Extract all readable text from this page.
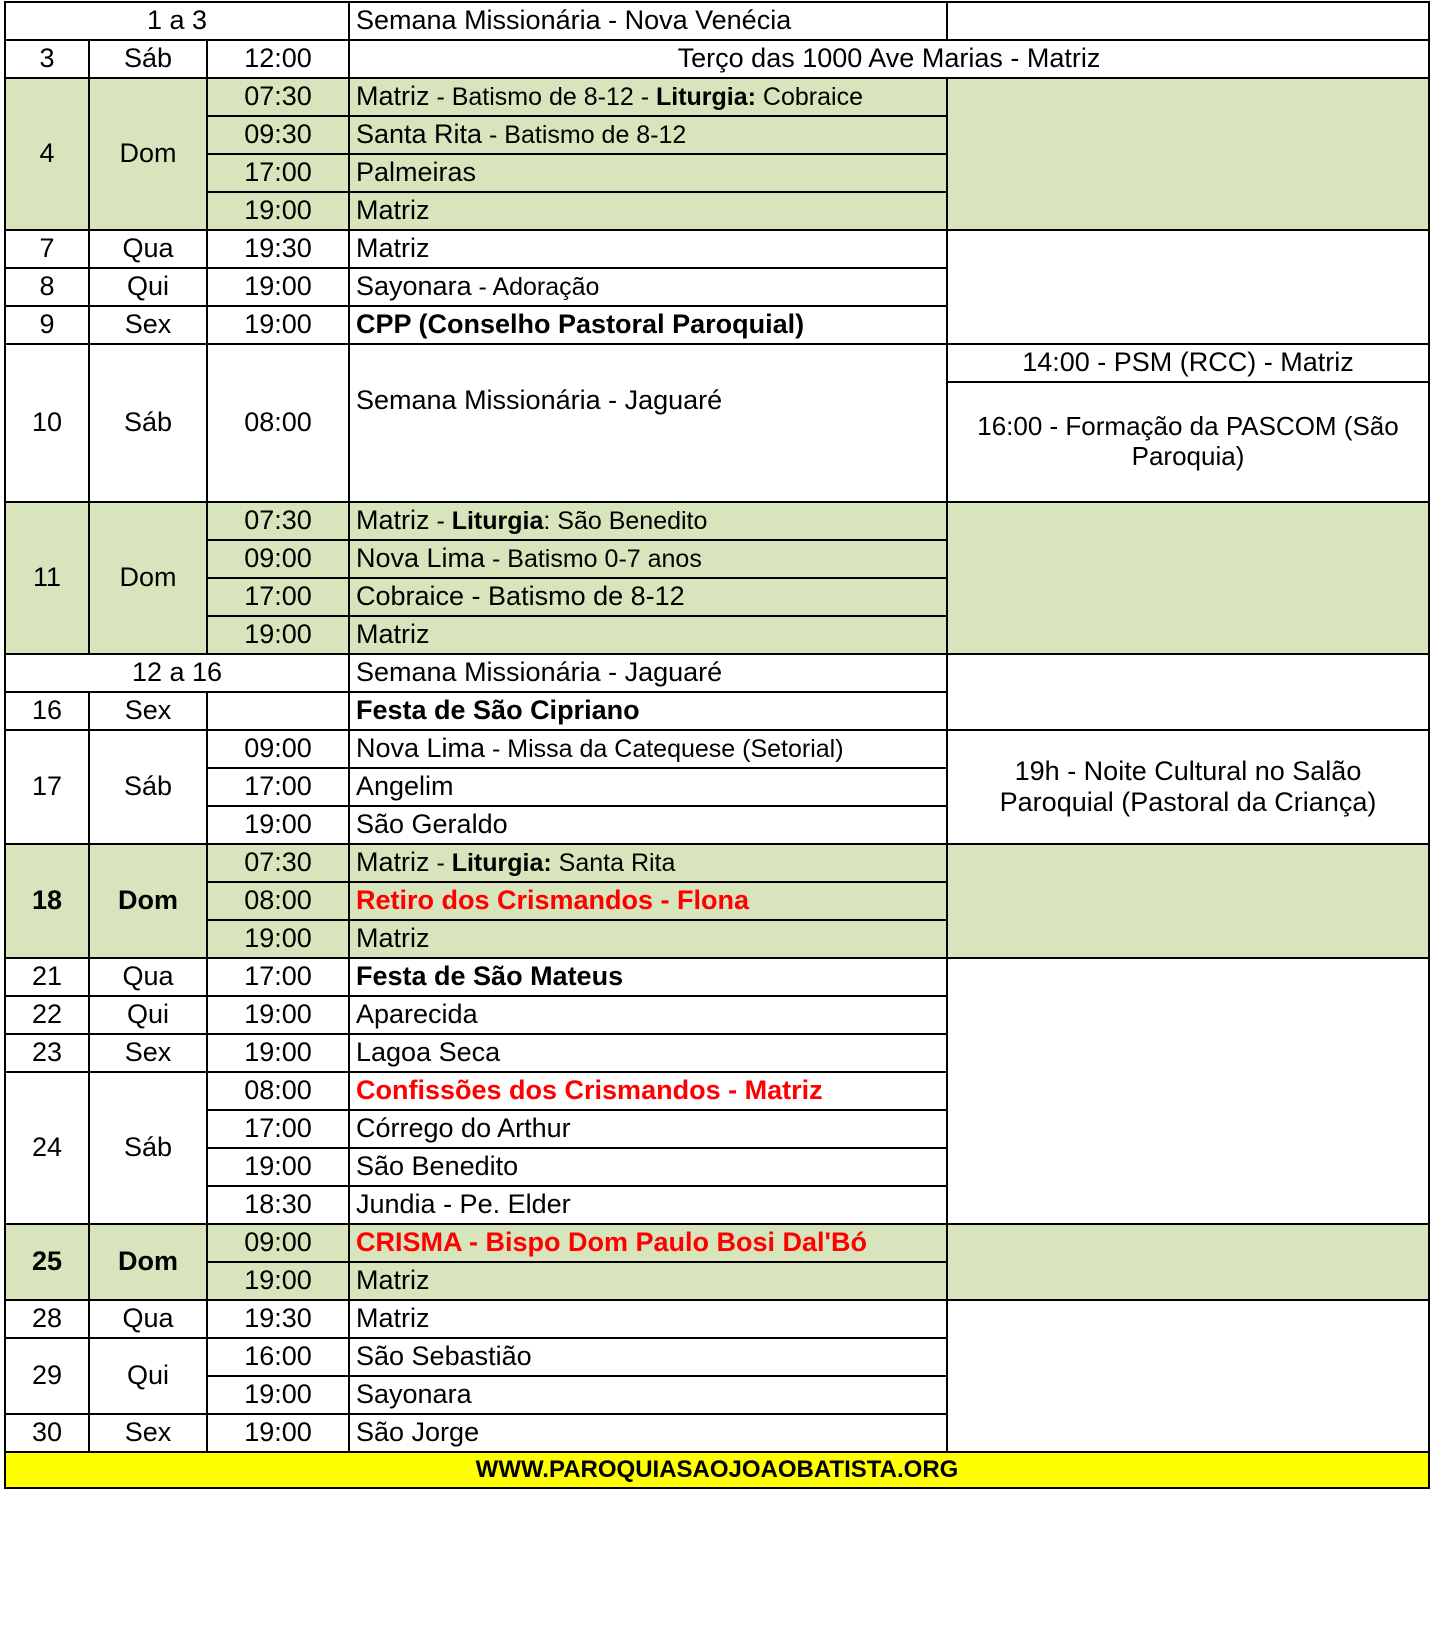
1 a 3			Semana Missionária - Nova Venécia	
3	Sáb	12:00	Terço das 1000 Ave Marias - Matriz	
4	Dom	07:30	Matriz - Batismo de 8-12 - Liturgia: Cobraice	
		09:30	Santa Rita - Batismo de 8-12	
		17:00	Palmeiras	
		19:00	Matriz	
7	Qua	19:30	Matriz	
8	Qui	19:00	Sayonara - Adoração	
9	Sex	19:00	CPP (Conselho Pastoral Paroquial)	
10	Sáb	08:00	Semana Missionária - Jaguaré	14:00 - PSM (RCC) - Matriz
				16:00 - Formação da PASCOM (São Paroquia)
11	Dom	07:30	Matriz - Liturgia: São Benedito	
		09:00	Nova Lima - Batismo 0-7 anos	
		17:00	Cobraice - Batismo de 8-12	
		19:00	Matriz	
12 a 16			Semana Missionária - Jaguaré	
16	Sex		Festa de São Cipriano	
17	Sáb	09:00	Nova Lima - Missa da Catequese (Setorial)	19h - Noite Cultural no Salão Paroquial (Pastoral da Criança)
		17:00	Angelim	
		19:00	São Geraldo	
18	Dom	07:30	Matriz - Liturgia: Santa Rita	
		08:00	Retiro dos Crismandos - Flona	
		19:00	Matriz	
21	Qua	17:00	Festa de São Mateus	
22	Qui	19:00	Aparecida	
23	Sex	19:00	Lagoa Seca	
24	Sáb	08:00	Confissões dos Crismandos - Matriz	
		17:00	Córrego do Arthur	
		19:00	São Benedito	
		18:30	Jundia - Pe. Elder	
25	Dom	09:00	CRISMA - Bispo Dom Paulo Bosi Dal'Bó	
		19:00	Matriz	
28	Qua	19:30	Matriz	
29	Qui	16:00	São Sebastião	
		19:00	Sayonara	
30	Sex	19:00	São Jorge	
WWW.PAROQUIASAOJOAOBATISTA.ORG				
